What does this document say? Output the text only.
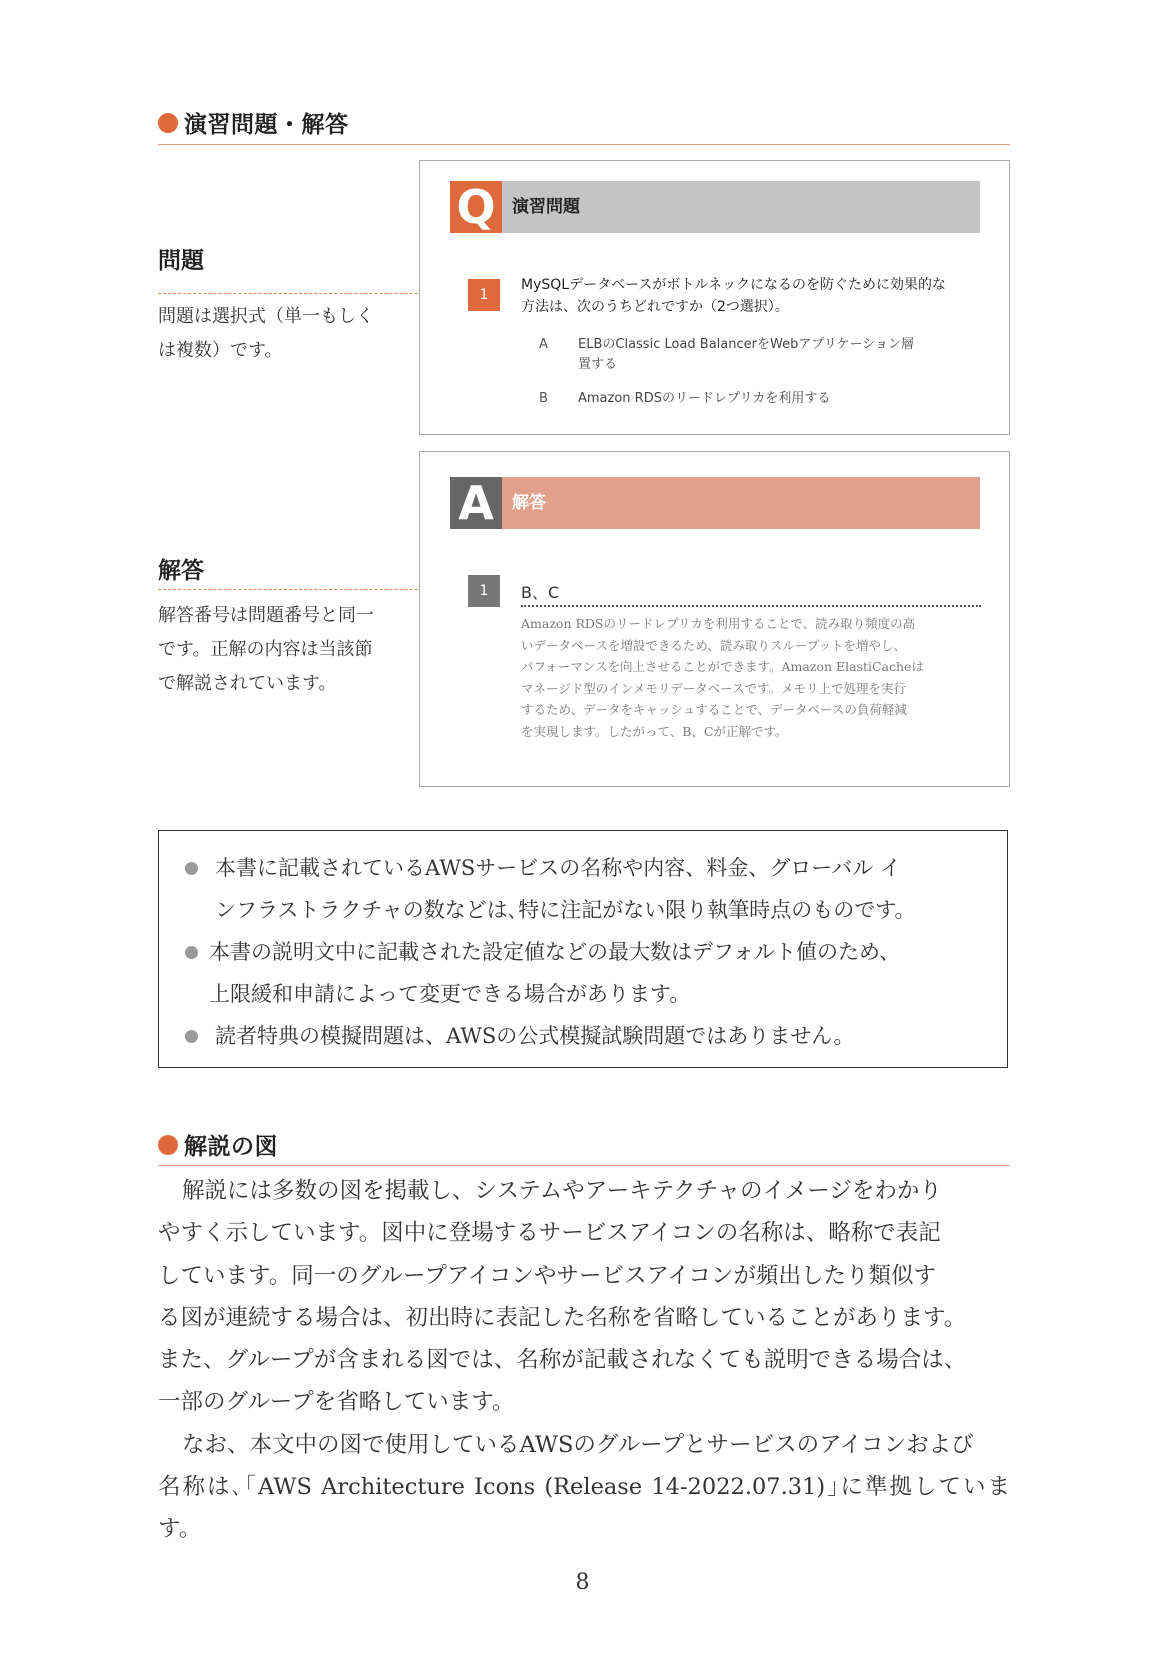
演習問題・解答
問題
問題は選択式（単一もしく
は複数）です。
解答
解答番号は問題番号と同一
です。正解の内容は当該節
で解説されています。
Q 演習問題
1
MySQLデータベースがボトルネックになるのを防ぐために効果的な
方法は、次のうちどれですか（2つ選択）。
A ELBのClassic Load BalancerをWebアプリケーション層
置する
B Amazon RDSのリードレプリカを利用する
A	解答
1	B、C
Amazon RDSのリードレプリカを利用することで、読み取り頻度の高
いデータベースを増設できるため、読み取りスループットを増やし、
パフォーマンスを向上させることができます。Amazon ElastiCacheは
マネージド型のインメモリデータベースです。メモリ上で処理を実行
するため、データをキャッシュすることで、データベースの負荷軽減
を実現します。したがって、B、Cが正解です。
本書に記載されているAWSサービスの名称や内容、料金、グローバル イ
ンフラストラクチャの数などは､特に注記がない限り執筆時点のものです。
本書の説明文中に記載された設定値などの最大数はデフォルト値のため、
上限緩和申請によって変更できる場合があります。
読者特典の模擬問題は、AWSの公式模擬試験問題ではありません。
解説の図
解説には多数の図を掲載し、システムやアーキテクチャのイメージをわかり
やすく示しています。図中に登場するサービスアイコンの名称は、略称で表記
しています。同一のグループアイコンやサービスアイコンが頻出したり類似す
る図が連続する場合は、初出時に表記した名称を省略していることがあります。
また、グループが含まれる図では、名称が記載されなくても説明できる場合は、
一部のグループを省略しています。
なお、本文中の図で使用しているAWSのグループとサービスのアイコンおよび
名称は､｢AWS Architecture Icons (Release 14-2022.07.31)｣に準拠しています。
8
